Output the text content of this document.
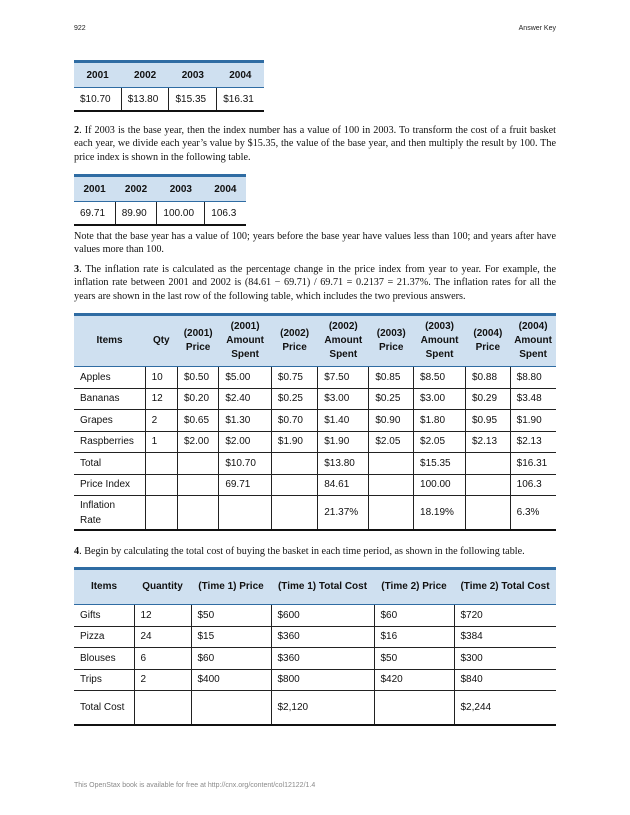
922	Answer Key
2001	2002	2003	2004
$10.70	$13.80	$15.35	$16.31
2. If 2003 is the base year, then the index number has a value of 100 in 2003. To transform the cost of a fruit basket each year, we divide each year’s value by $15.35, the value of the base year, and then multiply the result by 100. The price index is shown in the following table.
2001	2002	2003	2004
69.71	89.90	100.00	106.3
Note that the base year has a value of 100; years before the base year have values less than 100; and years after have values more than 100.
3. The inflation rate is calculated as the percentage change in the price index from year to year. For example, the inflation rate between 2001 and 2002 is (84.61 − 69.71) / 69.71 = 0.2137 = 21.37%. The inflation rates for all the years are shown in the last row of the following table, which includes the two previous answers.
Items	Qty	(2001) Price	(2001) Amount Spent	(2002) Price	(2002) Amount Spent	(2003) Price	(2003) Amount Spent	(2004) Price	(2004) Amount Spent
Apples	10	$0.50	$5.00	$0.75	$7.50	$0.85	$8.50	$0.88	$8.80
Bananas	12	$0.20	$2.40	$0.25	$3.00	$0.25	$3.00	$0.29	$3.48
Grapes	2	$0.65	$1.30	$0.70	$1.40	$0.90	$1.80	$0.95	$1.90
Raspberries	1	$2.00	$2.00	$1.90	$1.90	$2.05	$2.05	$2.13	$2.13
Total			$10.70		$13.80		$15.35		$16.31
Price Index			69.71		84.61		100.00		106.3
Inflation Rate					21.37%		18.19%		6.3%
4. Begin by calculating the total cost of buying the basket in each time period, as shown in the following table.
Items	Quantity	(Time 1) Price	(Time 1) Total Cost	(Time 2) Price	(Time 2) Total Cost
Gifts	12	$50	$600	$60	$720
Pizza	24	$15	$360	$16	$384
Blouses	6	$60	$360	$50	$300
Trips	2	$400	$800	$420	$840
Total Cost			$2,120		$2,244
This OpenStax book is available for free at http://cnx.org/content/col12122/1.4
